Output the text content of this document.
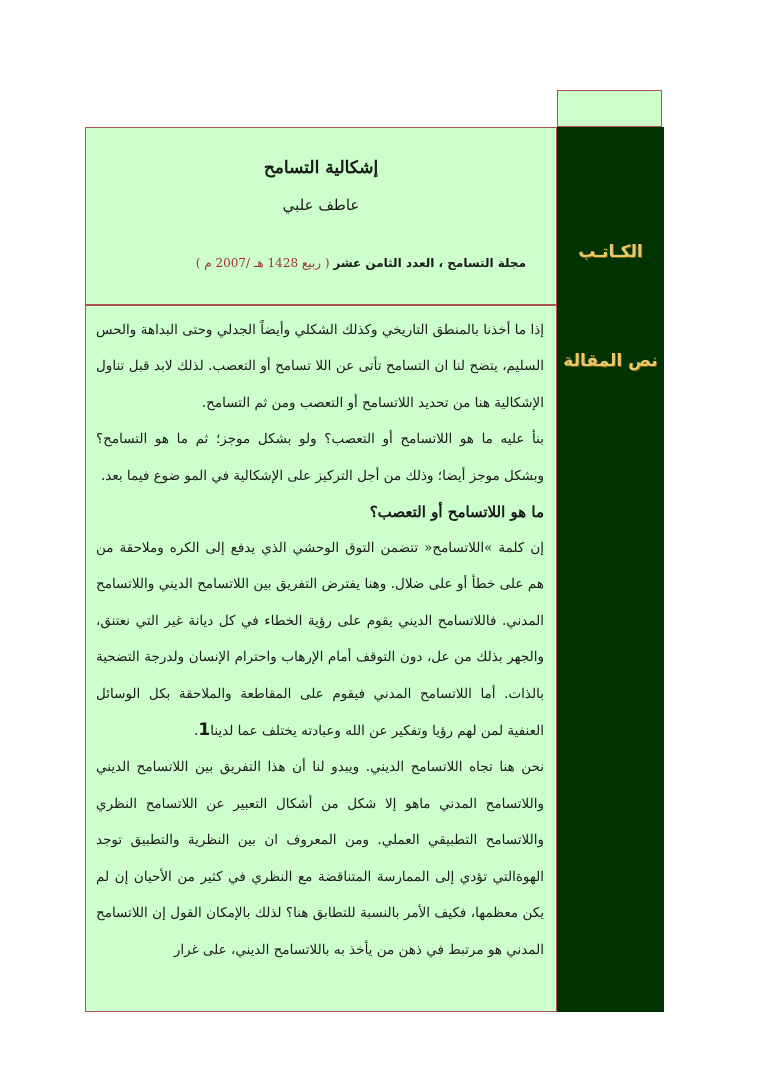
الكـاتـب
نص المقالة
إشكالية التسامح
عاطف علبي
مجلة التسامح ، العدد الثامن عشر ( ربيع 1428 هـ /2007 م )

إذا ما أخذنا بالمنطق التاريخي وكذلك الشكلي وأيضاً الجدلي وحتى البداهة والحس السليم، يتضح لنا ان التسامح تأتى عن اللا تسامح أو التعصب. لذلك لابد قبل تناول الإشكالية هنا من تحديد اللاتسامح أو التعصب ومن ثم التسامح.

بنأ عليه ما هو اللاتسامح أو التعصب؟ ولو بشكل موجز؛ ثم ما هو التسامح؟ وبشكل موجز أيضا؛ وذلك من أجل التركيز على الإشكالية في المو ضوع فيما بعد.

ما هو اللاتسامح أو التعصب؟

إن كلمة »اللاتسامح« تتضمن التوق الوحشي الذي يدفع إلى الكره وملاحقة من هم على خطأ أو على ضلال. وهنا يفترض التفريق بين اللاتسامح الديني واللاتسامح المدني. فاللاتسامح الديني يقوم على رؤية الخطاء في كل ديانة غير التي نعتنق، والجهر بذلك من عل، دون التوقف أمام الإرهاب واحترام الإنسان ولدرجة التضحية بالذات. أما اللاتسامح المدني فيقوم على المقاطعة والملاحقة بكل الوسائل العنفية لمن لهم رؤيا وتفكير عن الله وعبادته يختلف عما لدينا1.

نحن هنا تجاه اللاتسامح الديني. ويبدو لنا أن هذا التفريق بين اللاتسامح الديني واللاتسامح المدني ماهو إلا شكل من أشكال التعبير عن اللاتسامح النظري واللاتسامح التطبيقي العملي. ومن المعروف ان بين النظرية والتطبيق توجد الهوةالتي تؤدي إلى الممارسة المتناقضة مع النظري في كثير من الأحيان إن لم يكن معظمها، فكيف الأمر بالنسبة للتطابق هنا؟ لذلك بالإمكان القول إن اللاتسامح المدني هو مرتبط في ذهن من يأخذ به باللاتسامح الديني، على غرار
